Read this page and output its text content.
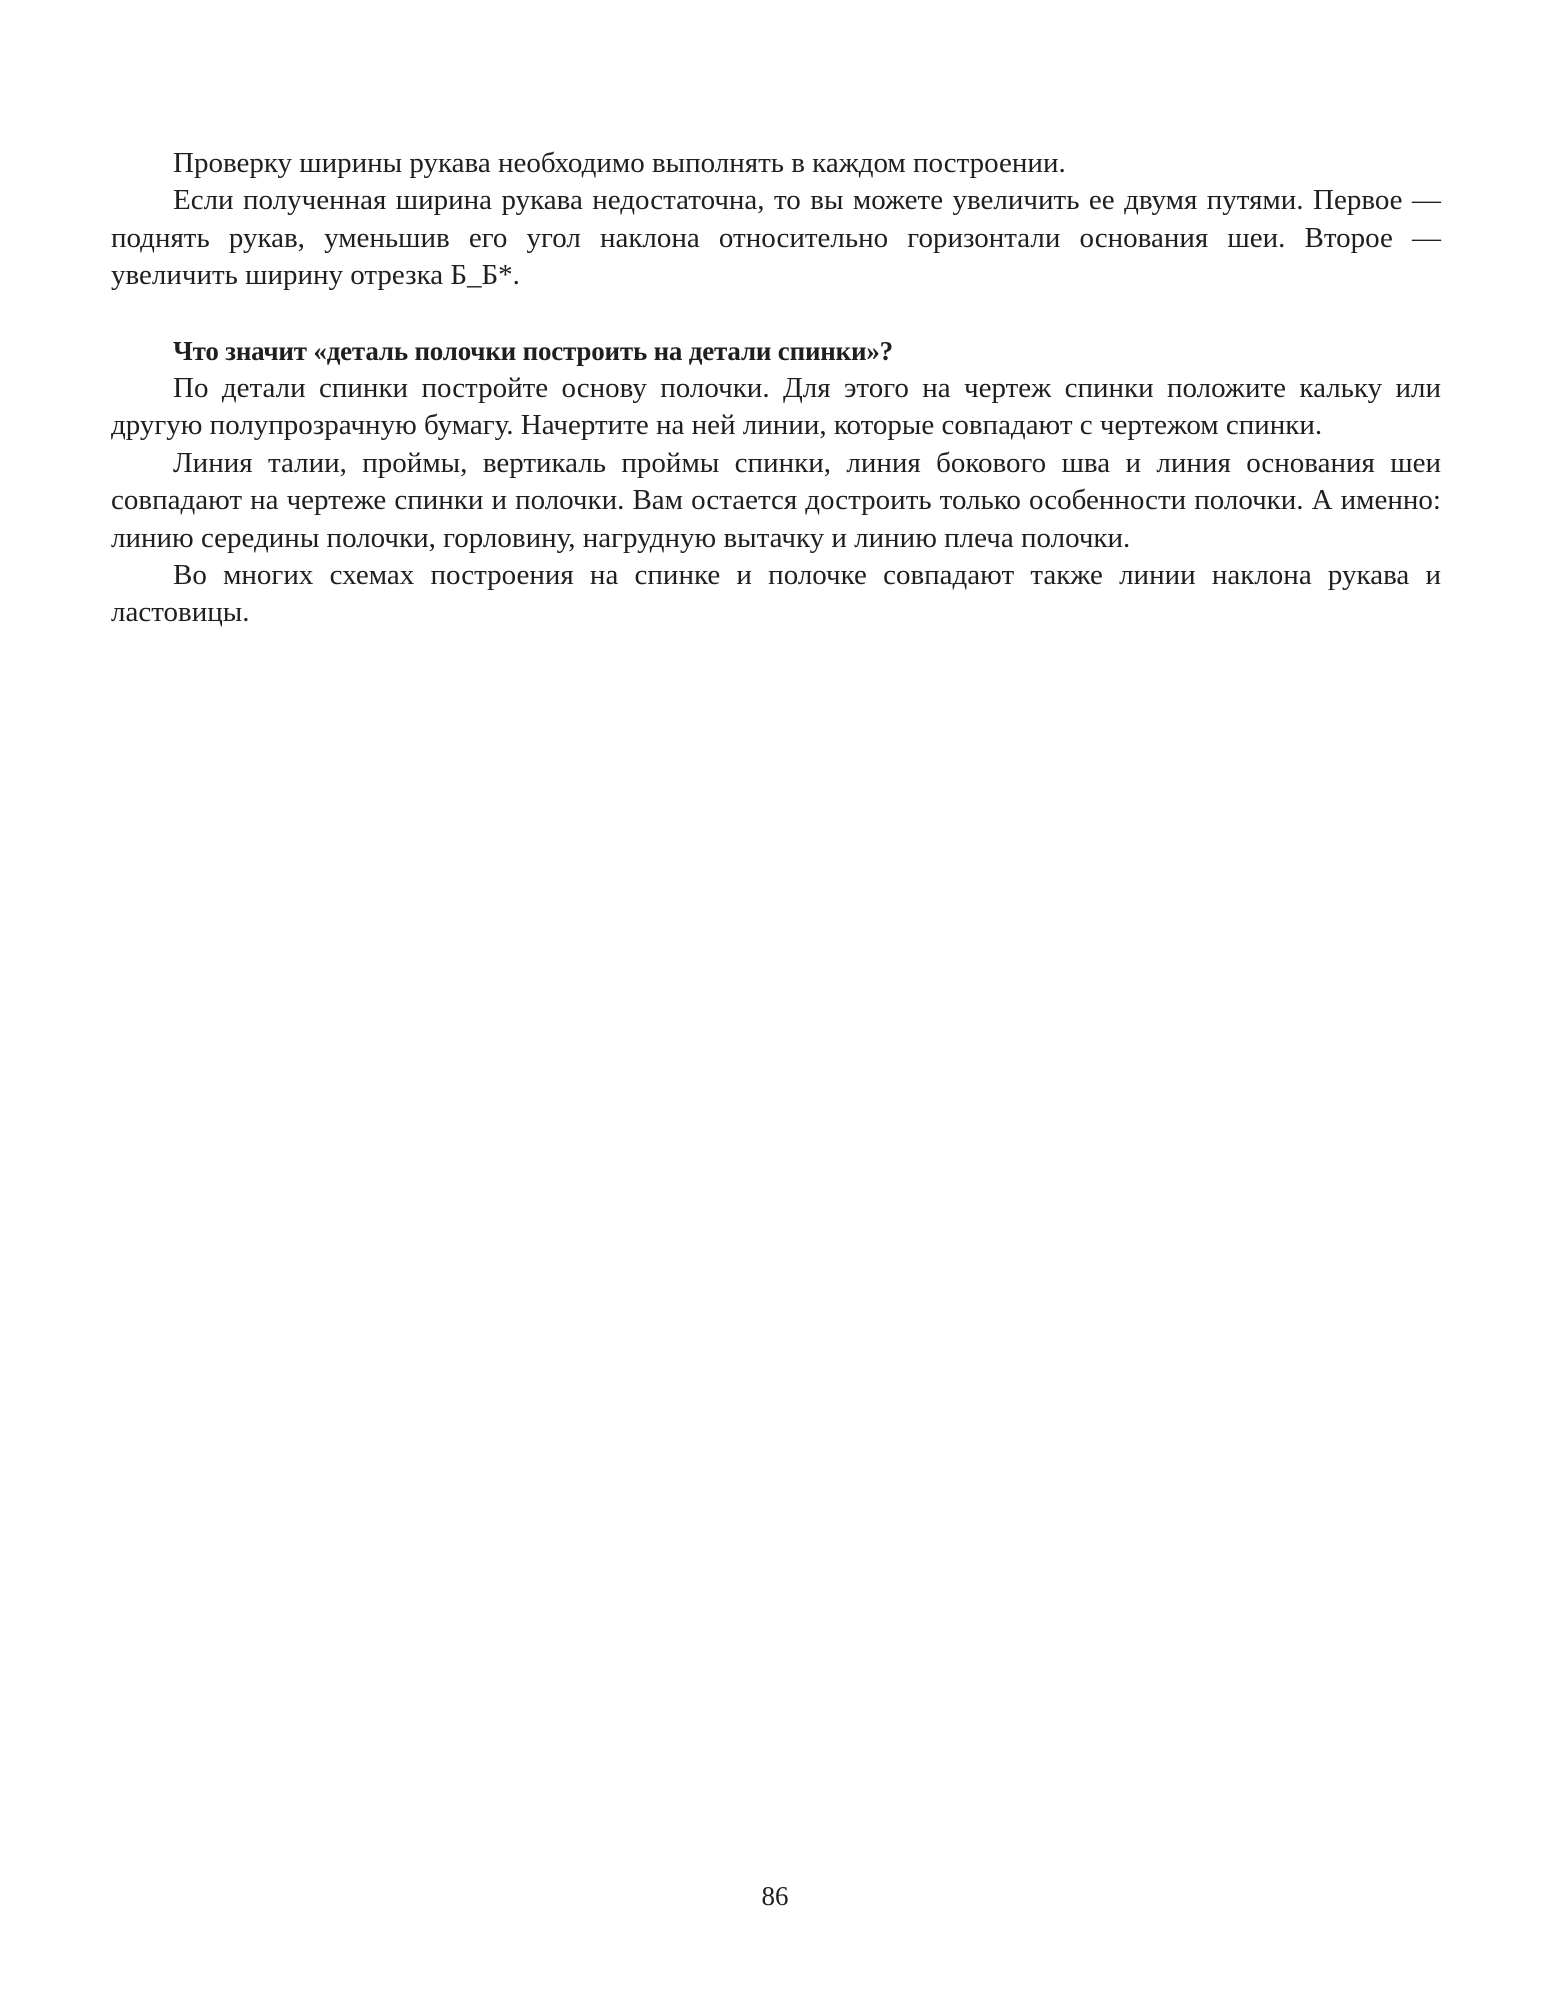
Проверку ширины рукава необходимо выполнять в каждом построении.

Если полученная ширина рукава недостаточна, то вы можете увеличить ее двумя путями. Первое — поднять рукав, уменьшив его угол наклона относительно горизонтали основания шеи. Второе — увеличить ширину отрезка Б_Б*.

Что значит «деталь полочки построить на детали спинки»?

По детали спинки постройте основу полочки. Для этого на чертеж спинки положите кальку или другую полупрозрачную бумагу. Начертите на ней линии, которые совпадают с чертежом спинки.

Линия талии, проймы, вертикаль проймы спинки, линия бокового шва и линия основания шеи совпадают на чертеже спинки и полочки. Вам остается достроить только особенности полочки. А именно: линию середины полочки, горловину, нагрудную вытачку и линию плеча полочки.

Во многих схемах построения на спинке и полочке совпадают также линии наклона рукава и ластовицы.

86
